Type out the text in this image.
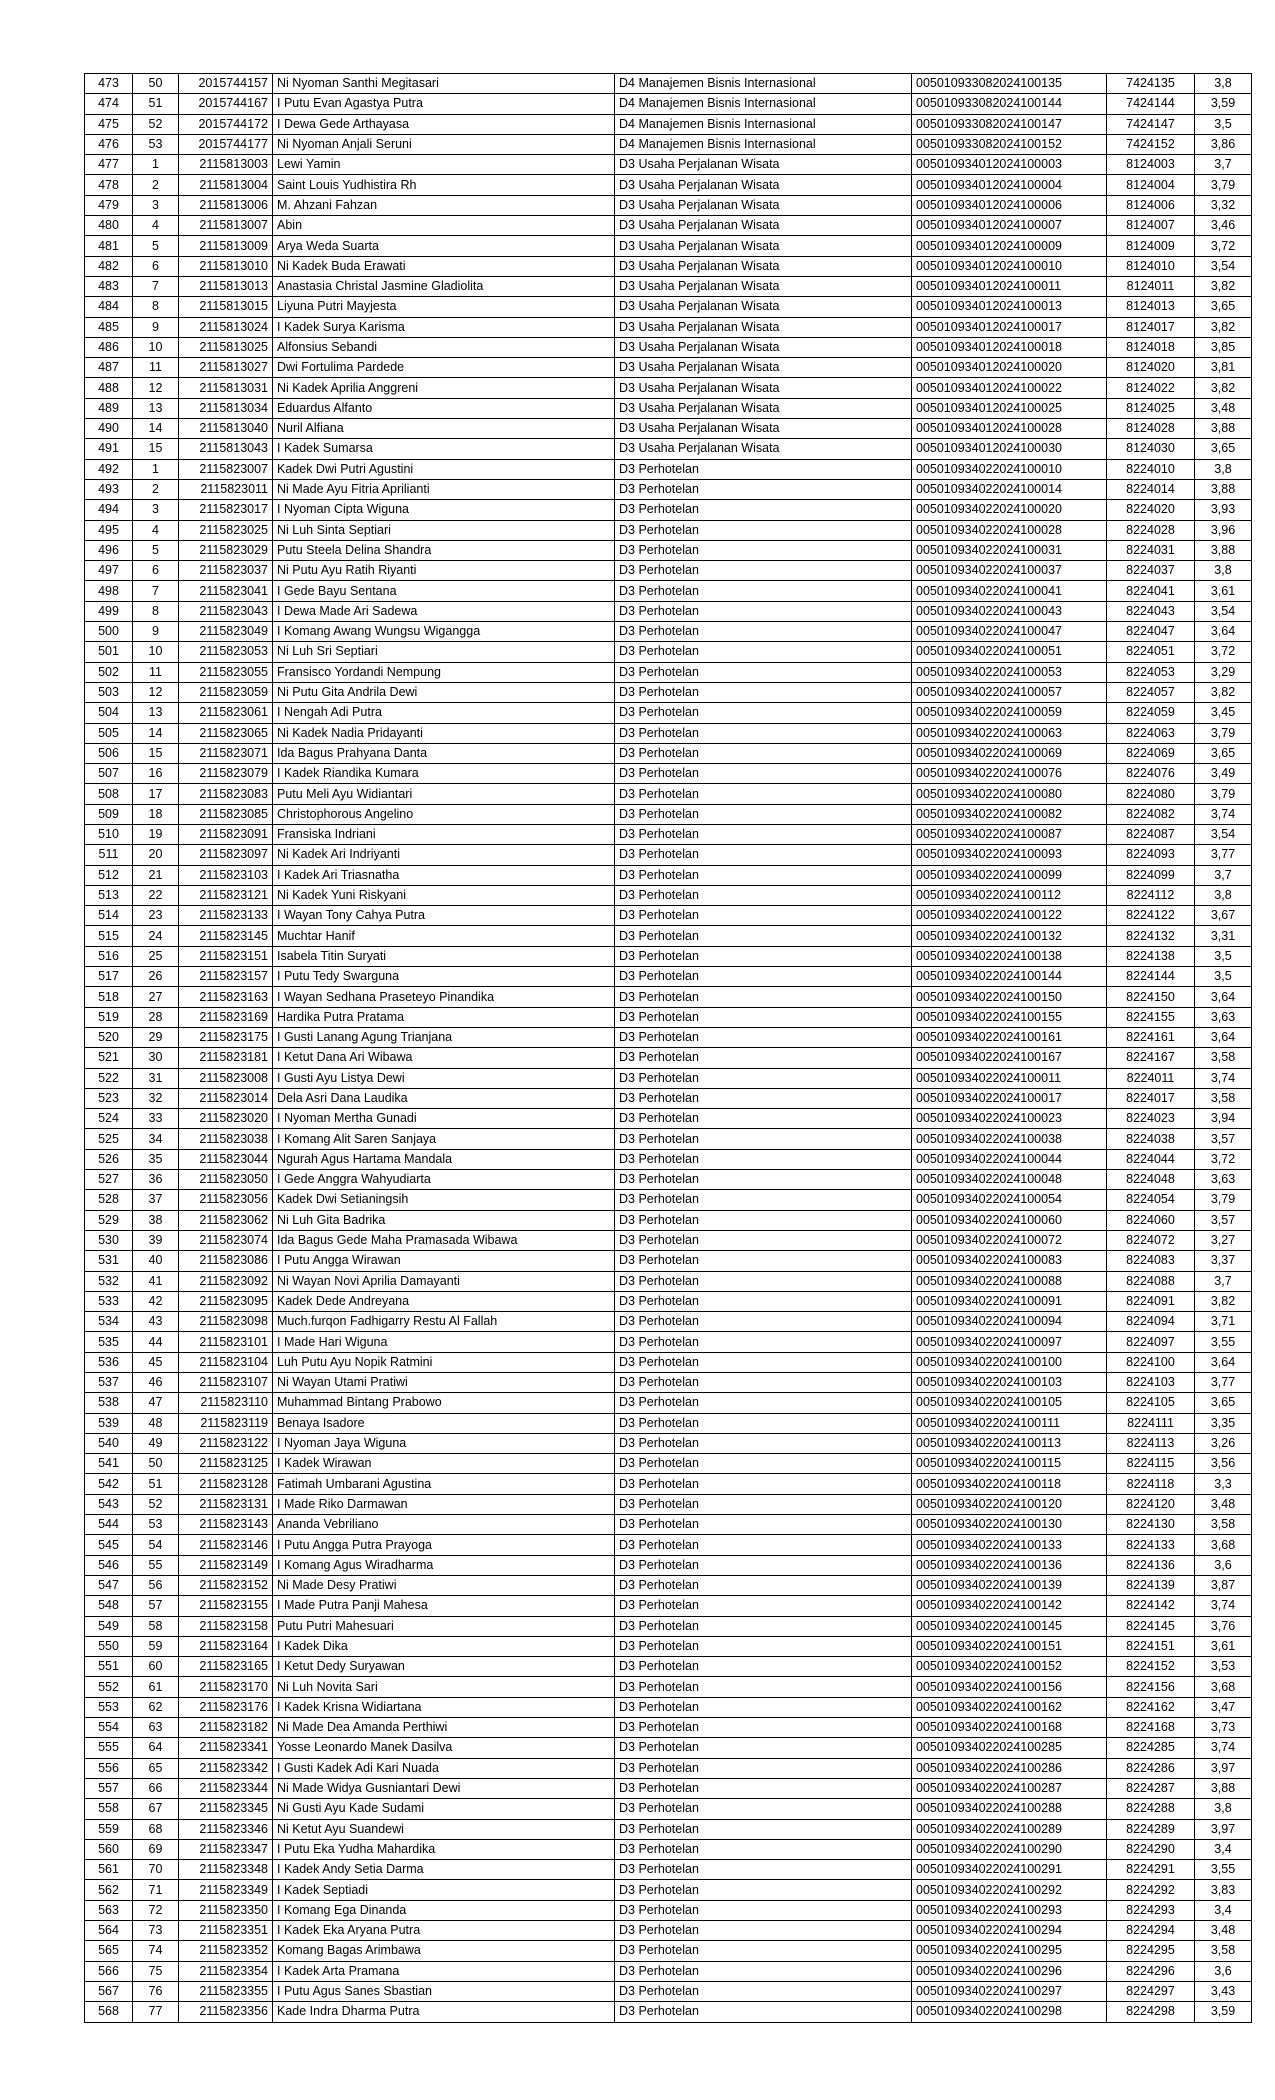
473	50	2015744157	Ni Nyoman Santhi Megitasari	D4 Manajemen Bisnis Internasional	005010933082024100135	7424135	3,8
474	51	2015744167	I Putu Evan Agastya Putra	D4 Manajemen Bisnis Internasional	005010933082024100144	7424144	3,59
475	52	2015744172	I Dewa Gede Arthayasa	D4 Manajemen Bisnis Internasional	005010933082024100147	7424147	3,5
476	53	2015744177	Ni Nyoman Anjali Seruni	D4 Manajemen Bisnis Internasional	005010933082024100152	7424152	3,86
477	1	2115813003	Lewi Yamin	D3 Usaha Perjalanan Wisata	005010934012024100003	8124003	3,7
478	2	2115813004	Saint Louis Yudhistira Rh	D3 Usaha Perjalanan Wisata	005010934012024100004	8124004	3,79
479	3	2115813006	M. Ahzani Fahzan	D3 Usaha Perjalanan Wisata	005010934012024100006	8124006	3,32
480	4	2115813007	Abin	D3 Usaha Perjalanan Wisata	005010934012024100007	8124007	3,46
481	5	2115813009	Arya Weda Suarta	D3 Usaha Perjalanan Wisata	005010934012024100009	8124009	3,72
482	6	2115813010	Ni Kadek Buda Erawati	D3 Usaha Perjalanan Wisata	005010934012024100010	8124010	3,54
483	7	2115813013	Anastasia Christal Jasmine Gladiolita	D3 Usaha Perjalanan Wisata	005010934012024100011	8124011	3,82
484	8	2115813015	Liyuna Putri Mayjesta	D3 Usaha Perjalanan Wisata	005010934012024100013	8124013	3,65
485	9	2115813024	I Kadek Surya Karisma	D3 Usaha Perjalanan Wisata	005010934012024100017	8124017	3,82
486	10	2115813025	Alfonsius Sebandi	D3 Usaha Perjalanan Wisata	005010934012024100018	8124018	3,85
487	11	2115813027	Dwi Fortulima Pardede	D3 Usaha Perjalanan Wisata	005010934012024100020	8124020	3,81
488	12	2115813031	Ni Kadek Aprilia Anggreni	D3 Usaha Perjalanan Wisata	005010934012024100022	8124022	3,82
489	13	2115813034	Eduardus Alfanto	D3 Usaha Perjalanan Wisata	005010934012024100025	8124025	3,48
490	14	2115813040	Nuril Alfiana	D3 Usaha Perjalanan Wisata	005010934012024100028	8124028	3,88
491	15	2115813043	I Kadek Sumarsa	D3 Usaha Perjalanan Wisata	005010934012024100030	8124030	3,65
492	1	2115823007	Kadek Dwi Putri Agustini	D3 Perhotelan	005010934022024100010	8224010	3,8
493	2	2115823011	Ni Made Ayu Fitria Aprilianti	D3 Perhotelan	005010934022024100014	8224014	3,88
494	3	2115823017	I Nyoman Cipta Wiguna	D3 Perhotelan	005010934022024100020	8224020	3,93
495	4	2115823025	Ni Luh Sinta Septiari	D3 Perhotelan	005010934022024100028	8224028	3,96
496	5	2115823029	Putu Steela Delina Shandra	D3 Perhotelan	005010934022024100031	8224031	3,88
497	6	2115823037	Ni Putu Ayu Ratih Riyanti	D3 Perhotelan	005010934022024100037	8224037	3,8
498	7	2115823041	I Gede Bayu Sentana	D3 Perhotelan	005010934022024100041	8224041	3,61
499	8	2115823043	I Dewa Made Ari Sadewa	D3 Perhotelan	005010934022024100043	8224043	3,54
500	9	2115823049	I Komang Awang Wungsu Wigangga	D3 Perhotelan	005010934022024100047	8224047	3,64
501	10	2115823053	Ni Luh Sri Septiari	D3 Perhotelan	005010934022024100051	8224051	3,72
502	11	2115823055	Fransisco Yordandi Nempung	D3 Perhotelan	005010934022024100053	8224053	3,29
503	12	2115823059	Ni Putu Gita Andrila Dewi	D3 Perhotelan	005010934022024100057	8224057	3,82
504	13	2115823061	I Nengah Adi Putra	D3 Perhotelan	005010934022024100059	8224059	3,45
505	14	2115823065	Ni Kadek Nadia Pridayanti	D3 Perhotelan	005010934022024100063	8224063	3,79
506	15	2115823071	Ida Bagus Prahyana Danta	D3 Perhotelan	005010934022024100069	8224069	3,65
507	16	2115823079	I Kadek Riandika Kumara	D3 Perhotelan	005010934022024100076	8224076	3,49
508	17	2115823083	Putu Meli Ayu Widiantari	D3 Perhotelan	005010934022024100080	8224080	3,79
509	18	2115823085	Christophorous Angelino	D3 Perhotelan	005010934022024100082	8224082	3,74
510	19	2115823091	Fransiska Indriani	D3 Perhotelan	005010934022024100087	8224087	3,54
511	20	2115823097	Ni Kadek Ari Indriyanti	D3 Perhotelan	005010934022024100093	8224093	3,77
512	21	2115823103	I Kadek Ari Triasnatha	D3 Perhotelan	005010934022024100099	8224099	3,7
513	22	2115823121	Ni Kadek Yuni Riskyani	D3 Perhotelan	005010934022024100112	8224112	3,8
514	23	2115823133	I Wayan Tony Cahya Putra	D3 Perhotelan	005010934022024100122	8224122	3,67
515	24	2115823145	Muchtar Hanif	D3 Perhotelan	005010934022024100132	8224132	3,31
516	25	2115823151	Isabela Titin Suryati	D3 Perhotelan	005010934022024100138	8224138	3,5
517	26	2115823157	I Putu Tedy Swarguna	D3 Perhotelan	005010934022024100144	8224144	3,5
518	27	2115823163	I Wayan Sedhana Praseteyo Pinandika	D3 Perhotelan	005010934022024100150	8224150	3,64
519	28	2115823169	Hardika Putra Pratama	D3 Perhotelan	005010934022024100155	8224155	3,63
520	29	2115823175	I Gusti Lanang Agung Trianjana	D3 Perhotelan	005010934022024100161	8224161	3,64
521	30	2115823181	I Ketut Dana Ari Wibawa	D3 Perhotelan	005010934022024100167	8224167	3,58
522	31	2115823008	I Gusti Ayu Listya Dewi	D3 Perhotelan	005010934022024100011	8224011	3,74
523	32	2115823014	Dela Asri Dana Laudika	D3 Perhotelan	005010934022024100017	8224017	3,58
524	33	2115823020	I Nyoman Mertha Gunadi	D3 Perhotelan	005010934022024100023	8224023	3,94
525	34	2115823038	I Komang Alit Saren Sanjaya	D3 Perhotelan	005010934022024100038	8224038	3,57
526	35	2115823044	Ngurah Agus Hartama Mandala	D3 Perhotelan	005010934022024100044	8224044	3,72
527	36	2115823050	I Gede Anggra Wahyudiarta	D3 Perhotelan	005010934022024100048	8224048	3,63
528	37	2115823056	Kadek Dwi Setianingsih	D3 Perhotelan	005010934022024100054	8224054	3,79
529	38	2115823062	Ni Luh Gita Badrika	D3 Perhotelan	005010934022024100060	8224060	3,57
530	39	2115823074	Ida Bagus Gede Maha Pramasada Wibawa	D3 Perhotelan	005010934022024100072	8224072	3,27
531	40	2115823086	I Putu Angga Wirawan	D3 Perhotelan	005010934022024100083	8224083	3,37
532	41	2115823092	Ni Wayan Novi Aprilia Damayanti	D3 Perhotelan	005010934022024100088	8224088	3,7
533	42	2115823095	Kadek Dede Andreyana	D3 Perhotelan	005010934022024100091	8224091	3,82
534	43	2115823098	Much.furqon Fadhigarry Restu Al Fallah	D3 Perhotelan	005010934022024100094	8224094	3,71
535	44	2115823101	I Made Hari Wiguna	D3 Perhotelan	005010934022024100097	8224097	3,55
536	45	2115823104	Luh Putu Ayu Nopik Ratmini	D3 Perhotelan	005010934022024100100	8224100	3,64
537	46	2115823107	Ni Wayan Utami Pratiwi	D3 Perhotelan	005010934022024100103	8224103	3,77
538	47	2115823110	Muhammad Bintang Prabowo	D3 Perhotelan	005010934022024100105	8224105	3,65
539	48	2115823119	Benaya Isadore	D3 Perhotelan	005010934022024100111	8224111	3,35
540	49	2115823122	I Nyoman Jaya Wiguna	D3 Perhotelan	005010934022024100113	8224113	3,26
541	50	2115823125	I Kadek Wirawan	D3 Perhotelan	005010934022024100115	8224115	3,56
542	51	2115823128	Fatimah Umbarani Agustina	D3 Perhotelan	005010934022024100118	8224118	3,3
543	52	2115823131	I Made Riko Darmawan	D3 Perhotelan	005010934022024100120	8224120	3,48
544	53	2115823143	Ananda Vebriliano	D3 Perhotelan	005010934022024100130	8224130	3,58
545	54	2115823146	I Putu Angga Putra Prayoga	D3 Perhotelan	005010934022024100133	8224133	3,68
546	55	2115823149	I Komang Agus Wiradharma	D3 Perhotelan	005010934022024100136	8224136	3,6
547	56	2115823152	Ni Made Desy Pratiwi	D3 Perhotelan	005010934022024100139	8224139	3,87
548	57	2115823155	I Made Putra Panji Mahesa	D3 Perhotelan	005010934022024100142	8224142	3,74
549	58	2115823158	Putu Putri Mahesuari	D3 Perhotelan	005010934022024100145	8224145	3,76
550	59	2115823164	I Kadek Dika	D3 Perhotelan	005010934022024100151	8224151	3,61
551	60	2115823165	I Ketut Dedy Suryawan	D3 Perhotelan	005010934022024100152	8224152	3,53
552	61	2115823170	Ni Luh Novita Sari	D3 Perhotelan	005010934022024100156	8224156	3,68
553	62	2115823176	I Kadek Krisna Widiartana	D3 Perhotelan	005010934022024100162	8224162	3,47
554	63	2115823182	Ni Made Dea Amanda Perthiwi	D3 Perhotelan	005010934022024100168	8224168	3,73
555	64	2115823341	Yosse Leonardo Manek Dasilva	D3 Perhotelan	005010934022024100285	8224285	3,74
556	65	2115823342	I Gusti Kadek Adi Kari Nuada	D3 Perhotelan	005010934022024100286	8224286	3,97
557	66	2115823344	Ni Made Widya Gusniantari Dewi	D3 Perhotelan	005010934022024100287	8224287	3,88
558	67	2115823345	Ni Gusti Ayu Kade Sudami	D3 Perhotelan	005010934022024100288	8224288	3,8
559	68	2115823346	Ni Ketut Ayu Suandewi	D3 Perhotelan	005010934022024100289	8224289	3,97
560	69	2115823347	I Putu Eka Yudha Mahardika	D3 Perhotelan	005010934022024100290	8224290	3,4
561	70	2115823348	I Kadek Andy Setia Darma	D3 Perhotelan	005010934022024100291	8224291	3,55
562	71	2115823349	I Kadek Septiadi	D3 Perhotelan	005010934022024100292	8224292	3,83
563	72	2115823350	I Komang Ega Dinanda	D3 Perhotelan	005010934022024100293	8224293	3,4
564	73	2115823351	I Kadek Eka Aryana Putra	D3 Perhotelan	005010934022024100294	8224294	3,48
565	74	2115823352	Komang Bagas Arimbawa	D3 Perhotelan	005010934022024100295	8224295	3,58
566	75	2115823354	I Kadek Arta Pramana	D3 Perhotelan	005010934022024100296	8224296	3,6
567	76	2115823355	I Putu Agus Sanes Sbastian	D3 Perhotelan	005010934022024100297	8224297	3,43
568	77	2115823356	Kade Indra Dharma Putra	D3 Perhotelan	005010934022024100298	8224298	3,59
